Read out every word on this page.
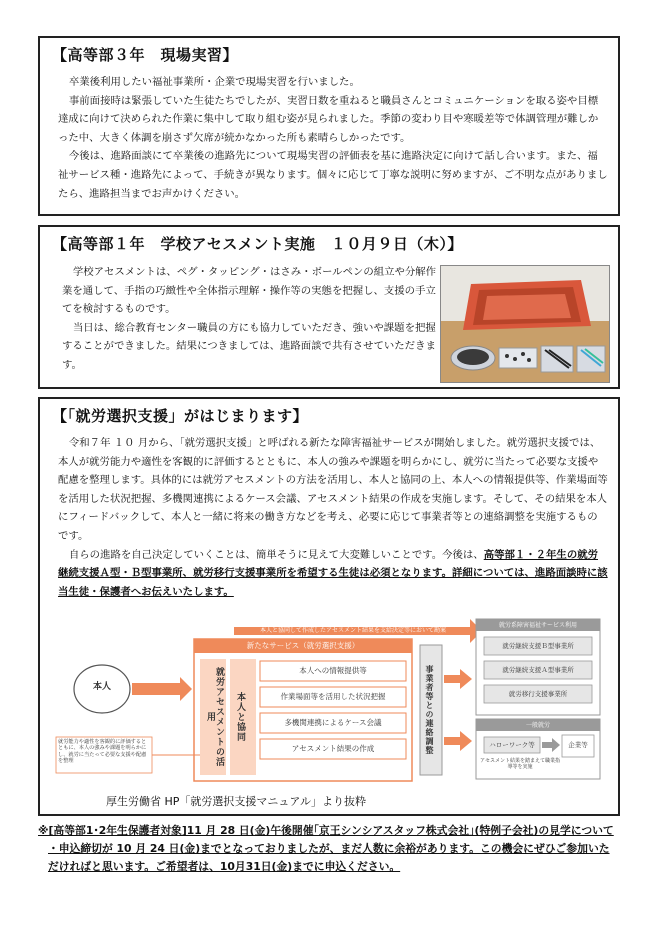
【高等部３年　現場実習】

卒業後利用したい福祉事業所・企業で現場実習を行いました。

事前面接時は緊張していた生徒たちでしたが、実習日数を重ねると職員さんとコミュニケーションを取る姿や目標達成に向けて決められた作業に集中して取り組む姿が見られました。季節の変わり目や寒暖差等で体調管理が難しかった中、大きく体調を崩さず欠席が続かなかった所も素晴らしかったです。

今後は、進路面談にて卒業後の進路先について現場実習の評価表を基に進路決定に向けて話し合います。また、福祉サービス種・進路先によって、手続きが異なります。個々に応じて丁寧な説明に努めますが、ご不明な点がありましたら、進路担当までお声かけください。

【高等部１年　学校アセスメント実施　１０月９日（木）】

学校アセスメントは、ペグ・タッピング・はさみ・ボールペンの組立や分解作業を通して、手指の巧緻性や全体指示理解・操作等の実態を把握し、支援の手立てを検討するものです。

当日は、総合教育センター職員の方にも協力していただき、強いや課題を把握することができました。結果につきましては、進路面談で共有させていただきます。

【「就労選択支援」がはじまります】

令和７年 １０ 月から、「就労選択支援」と呼ばれる新たな障害福祉サービスが開始しました。就労選択支援では、本人が就労能力や適性を客観的に評価するとともに、本人の強みや課題を明らかにし、就労に当たって必要な支援や配慮を整理します。具体的には就労アセスメントの方法を活用し、本人と協同の上、本人への情報提供等、作業場面等を活用した状況把握、多機関連携によるケース会議、アセスメント結果の作成を実施します。そして、その結果を本人にフィードバックして、本人と一緒に将来の働き方などを考え、必要に応じて事業者等との連絡調整を実施するものです。

自らの進路を自己決定していくことは、簡単そうに見えて大変難しいことです。今後は、高等部１・２年生の就労継続支援Ａ型・Ｂ型事業所、就労移行支援事業所を希望する生徒は必須となります。詳細については、進路面談時に該当生徒・保護者へお伝えいたします。

本人と協同して作成したアセスメント結果を支給決定等において勘案
本人
新たなサービス（就労選択支援）
就労アセスメントの活用	本人と協同
本人への情報提供等
作業場面等を活用した状況把握
多機関連携によるケース会議
アセスメント結果の作成	事業者等との連絡調整
就労系障害福祉サービス利用
就労継続支援Ｂ型事業所
就労継続支援Ａ型事業所
就労移行支援事業所
一般就労
ハローワーク等	企業等
アセスメント結果を踏まえて職業指導等を実施
就労能力や適性を客観的に評価するとともに、本人の強みや課題を明らかにし、就労に当たって必要な支援や配慮を整理
厚生労働省 HP「就労選択支援マニュアル」より抜粋
※[高等部1･2年生保護者対象]11 月 28 日(金)午後開催｢京王シンシアスタッフ株式会社｣(特例子会社)の見学について
・申込締切が 10 月 24 日(金)までとなっておりましたが、まだ人数に余裕があります。この機会にぜひご参加いただければと思います。ご希望者は、10月31日(金)までに申込ください。
